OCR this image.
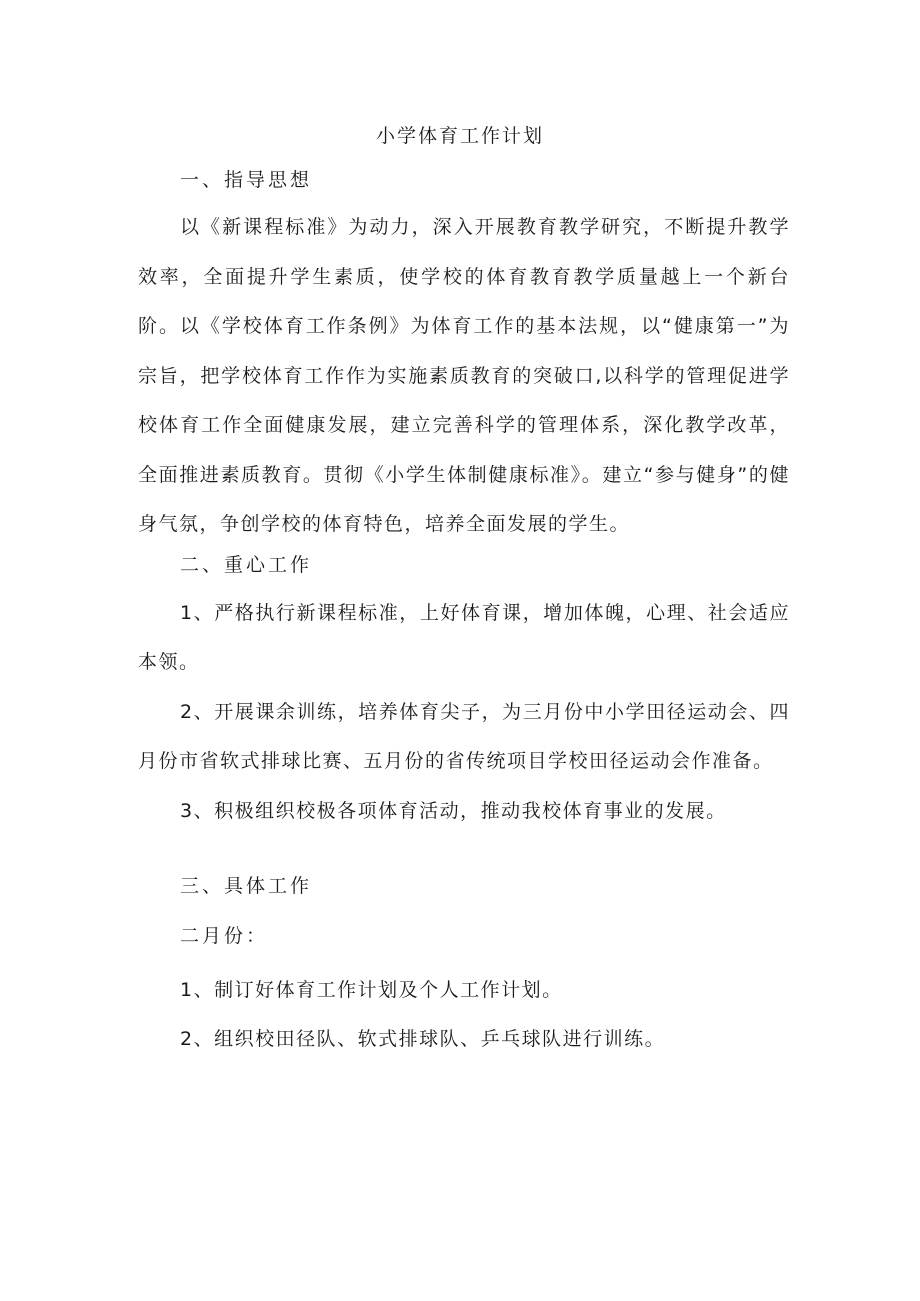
小学体育工作计划
一、指导思想

以《新课程标准》为动力，深入开展教育教学研究，不断提升教学效率，全面提升学生素质，使学校的体育教育教学质量越上一个新台阶。以《学校体育工作条例》为体育工作的基本法规，以“健康第一”为宗旨，把学校体育工作作为实施素质教育的突破口,以科学的管理促进学校体育工作全面健康发展，建立完善科学的管理体系，深化教学改革，全面推进素质教育。贯彻《小学生体制健康标准》。建立“参与健身”的健身气氛，争创学校的体育特色，培养全面发展的学生。

二、重心工作

1、严格执行新课程标准，上好体育课，增加体魄，心理、社会适应本领。

2、开展课余训练，培养体育尖子，为三月份中小学田径运动会、四月份市省软式排球比赛、五月份的省传统项目学校田径运动会作准备。

3、积极组织校极各项体育活动，推动我校体育事业的发展。

三、具体工作
二月份：

1、制订好体育工作计划及个人工作计划。

2、组织校田径队、软式排球队、乒乓球队进行训练。
